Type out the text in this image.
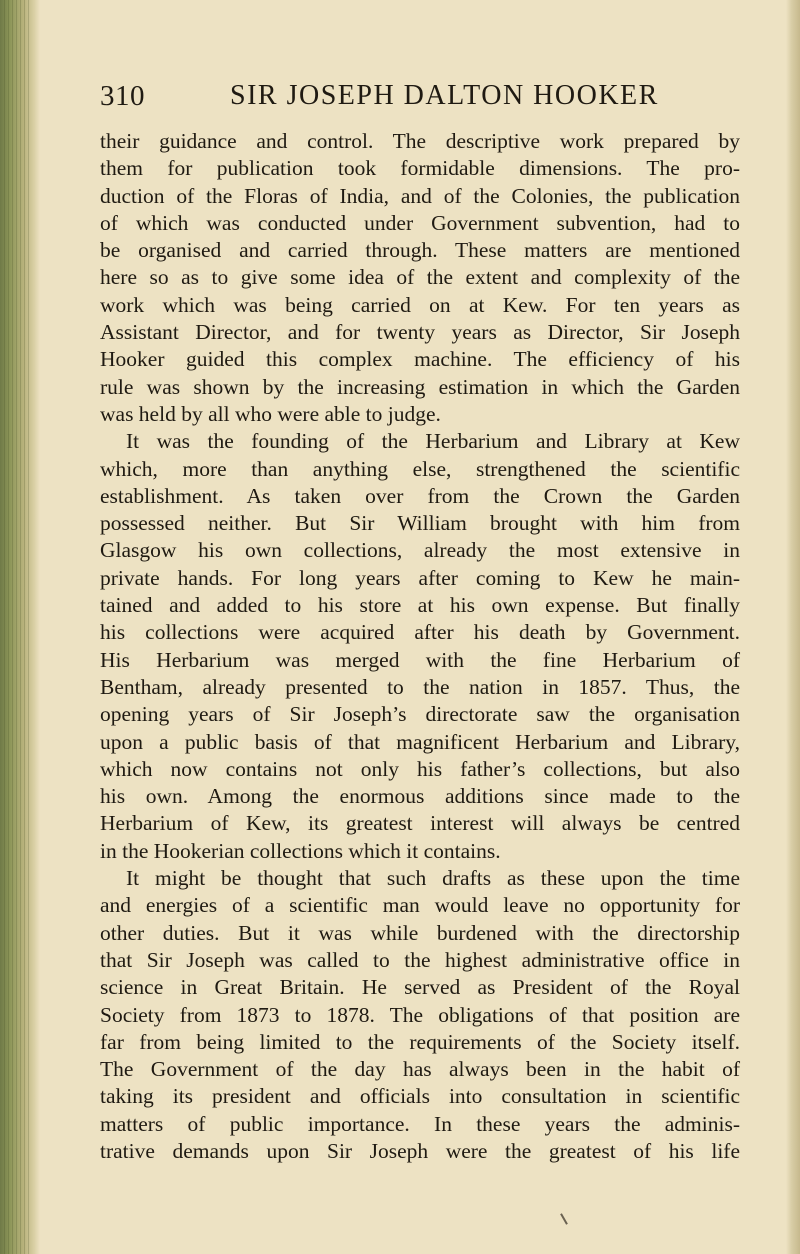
310	SIR JOSEPH DALTON HOOKER
their guidance and control. The descriptive work prepared by
them for publication took formidable dimensions. The pro-
duction of the Floras of India, and of the Colonies, the publication
of which was conducted under Government subvention, had to
be organised and carried through. These matters are mentioned
here so as to give some idea of the extent and complexity of the
work which was being carried on at Kew. For ten years as
Assistant Director, and for twenty years as Director, Sir Joseph
Hooker guided this complex machine. The efficiency of his
rule was shown by the increasing estimation in which the Garden
was held by all who were able to judge.
It was the founding of the Herbarium and Library at Kew
which, more than anything else, strengthened the scientific
establishment. As taken over from the Crown the Garden
possessed neither. But Sir William brought with him from
Glasgow his own collections, already the most extensive in
private hands. For long years after coming to Kew he main-
tained and added to his store at his own expense. But finally
his collections were acquired after his death by Government.
His Herbarium was merged with the fine Herbarium of
Bentham, already presented to the nation in 1857. Thus, the
opening years of Sir Joseph’s directorate saw the organisation
upon a public basis of that magnificent Herbarium and Library,
which now contains not only his father’s collections, but also
his own. Among the enormous additions since made to the
Herbarium of Kew, its greatest interest will always be centred
in the Hookerian collections which it contains.
It might be thought that such drafts as these upon the time
and energies of a scientific man would leave no opportunity for
other duties. But it was while burdened with the directorship
that Sir Joseph was called to the highest administrative office in
science in Great Britain. He served as President of the Royal
Society from 1873 to 1878. The obligations of that position are
far from being limited to the requirements of the Society itself.
The Government of the day has always been in the habit of
taking its president and officials into consultation in scientific
matters of public importance. In these years the adminis-
trative demands upon Sir Joseph were the greatest of his life
